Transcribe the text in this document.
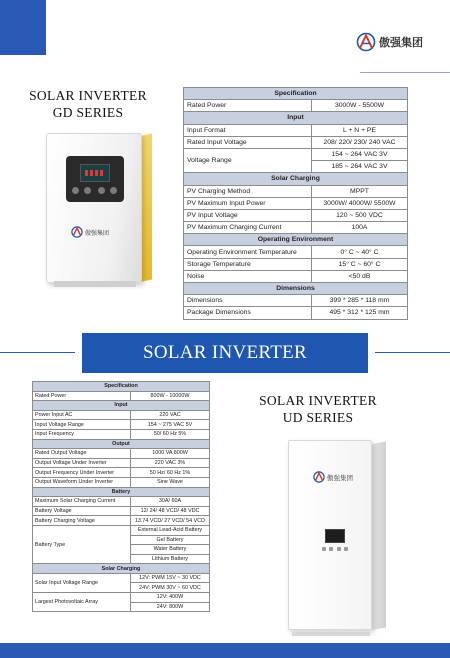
傲强集团
SOLAR INVERTER
GD SERIES
傲强集团
Specification	
Rated Power	3000W - 5500W
Input	
Input Format	L + N + PE
Rated Input Voltage	208/ 220/ 230/ 240 VAC
Voltage Range	154 ~ 264 VAC 3V
	185 ~ 264 VAC 3V
Solar Charging	
PV Charging Method	MPPT
PV Maximum Input Power	3000W/ 4000W/ 5500W
PV Input Voltage	120 ~ 500 VDC
PV Maximum Charging Current	100A
Operating Environment	
Operating Environment Temperature	0° C ~ 40° C
Storage Temperature	15° C ~ 60° C
Noise	<50 dB
Dimensions	
Dimensions	399 * 285 * 118 mm
Package Dimensions	495 * 312 * 125 mm
SOLAR INVERTER
Specification	
Rated Power	800W - 10000W
Input	
Power Input AC	220 VAC
Input Voltage Range	154 ~ 275 VAC 5V
Input Frequency	50/ 60 Hz 5%
Output	
Rated Output Voltage	1000 VA 800W
Output Voltage Under Inverter	220 VAC 3%
Output Frequency Under Inverter	50 Hz/ 60 Hz 1%
Output Waveform Under Inverter	Sine Wave
Battery	
Maximum Solar Charging Current	30A/ 60A
Battery Voltage	12/ 24/ 48 VCD/ 48 VDC
Battery Charging Voltage	13.74 VCD/ 27 VCD/ 54 VCD
Battery Type	External Lead-Acid Battery
	Gel Battery
	Water Battery
	Lithium Battery
Solar Charging	
Solar Input Voltage Range	12V: PWM 15V ~ 30 VDC
	24V: PWM 30V ~ 60 VDC
Largest Photovoltaic Array	12V: 400W
	24V: 800W
SOLAR INVERTER
UD SERIES
傲强集团
